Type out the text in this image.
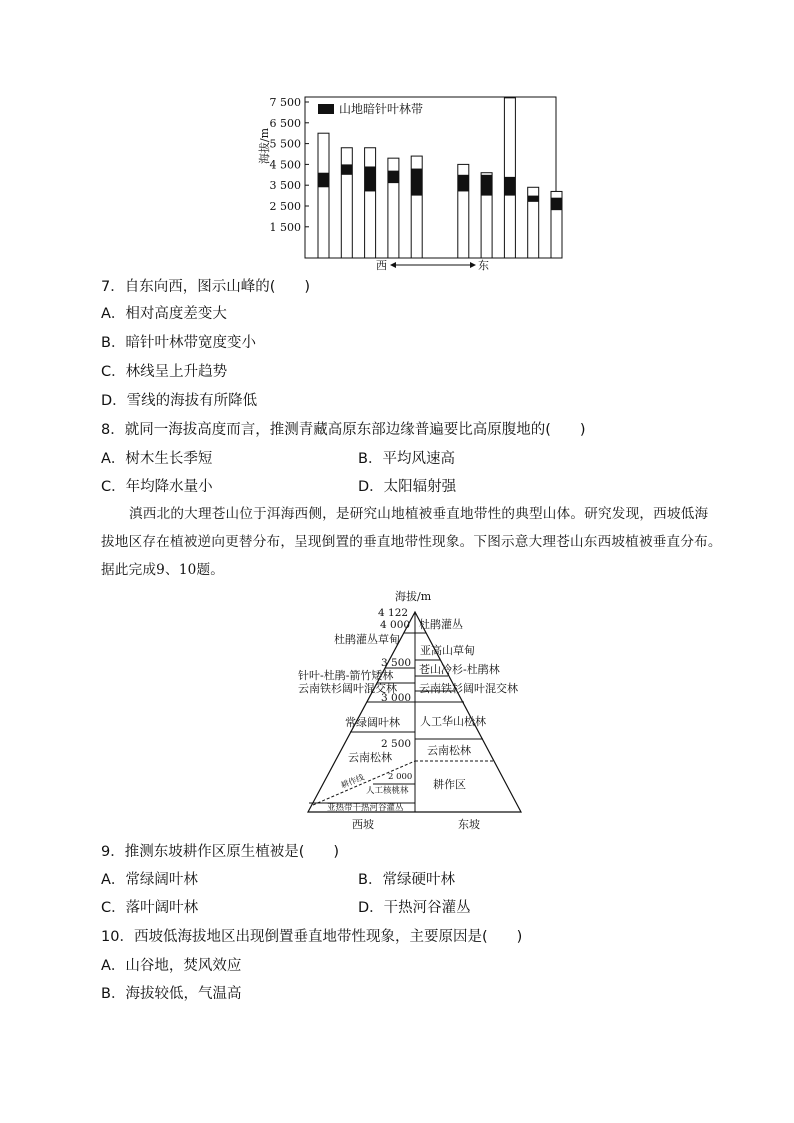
海拔/m
山地暗针叶林带
7 500
6 500
5 500
4 500
3 500
2 500
1 500
西	东
7．自东向西，图示山峰的(　　)
A．相对高度差变大
B．暗针叶林带宽度变小
C．林线呈上升趋势
D．雪线的海拔有所降低
8．就同一海拔高度而言，推测青藏高原东部边缘普遍要比高原腹地的(　　)
A．树木生长季短	B．平均风速高
C．年均降水量小	D．太阳辐射强
滇西北的大理苍山位于洱海西侧，是研究山地植被垂直地带性的典型山体。研究发现，西坡低海
拔地区存在植被逆向更替分布，呈现倒置的垂直地带性现象。下图示意大理苍山东西坡植被垂直分布。
据此完成9、10题。
海拔/m
4 122
4 000
3 500
3 000
2 500
2 000
杜鹃灌丛草甸
针叶-杜鹃-箭竹矮林
云南铁杉阔叶混交林
常绿阔叶林
云南松林
耕作线
人工核桃林
亚热带干热河谷灌丛
杜鹃灌丛
亚高山草甸
苍山冷杉-杜鹃林
云南铁杉阔叶混交林
人工华山松林
云南松林
耕作区
西坡	东坡
9．推测东坡耕作区原生植被是(　　)
A．常绿阔叶林	B．常绿硬叶林
C．落叶阔叶林	D．干热河谷灌丛
10．西坡低海拔地区出现倒置垂直地带性现象，主要原因是(　　)
A．山谷地，焚风效应
B．海拔较低，气温高
